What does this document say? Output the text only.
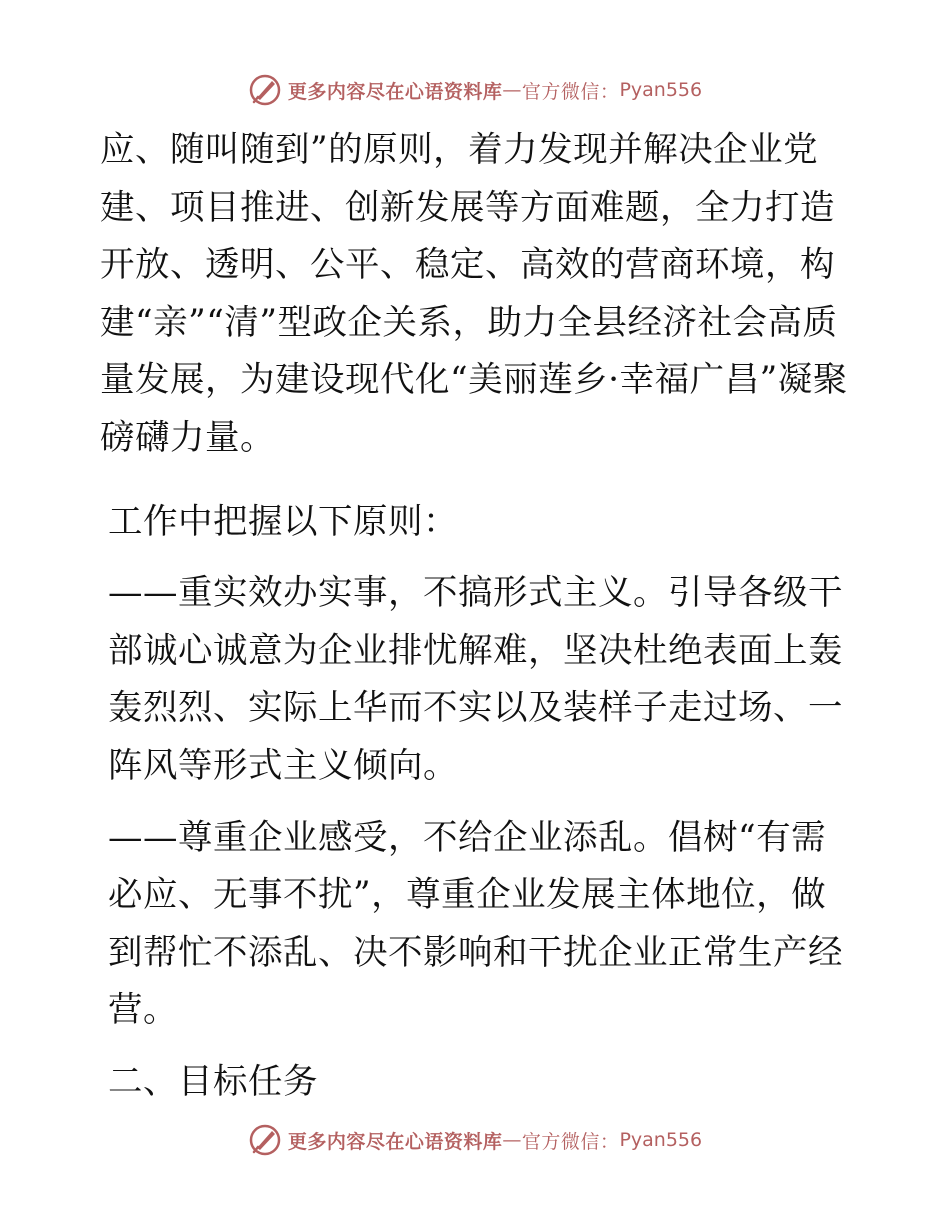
更多内容尽在心语资料库 — 官方微信： Pyan556

应、随叫随到”的原则，着力发现并解决企业党建、项目推进、创新发展等方面难题，全力打造开放、透明、公平、稳定、高效的营商环境，构建“亲”“清”型政企关系，助力全县经济社会高质量发展，为建设现代化“美丽莲乡·幸福广昌”凝聚磅礴力量。

工作中把握以下原则：

——重实效办实事，不搞形式主义。引导各级干部诚心诚意为企业排忧解难，坚决杜绝表面上轰轰烈烈、实际上华而不实以及装样子走过场、一阵风等形式主义倾向。

——尊重企业感受，不给企业添乱。倡树“有需必应、无事不扰”，尊重企业发展主体地位，做到帮忙不添乱、决不影响和干扰企业正常生产经营。

二、目标任务

更多内容尽在心语资料库 — 官方微信： Pyan556
